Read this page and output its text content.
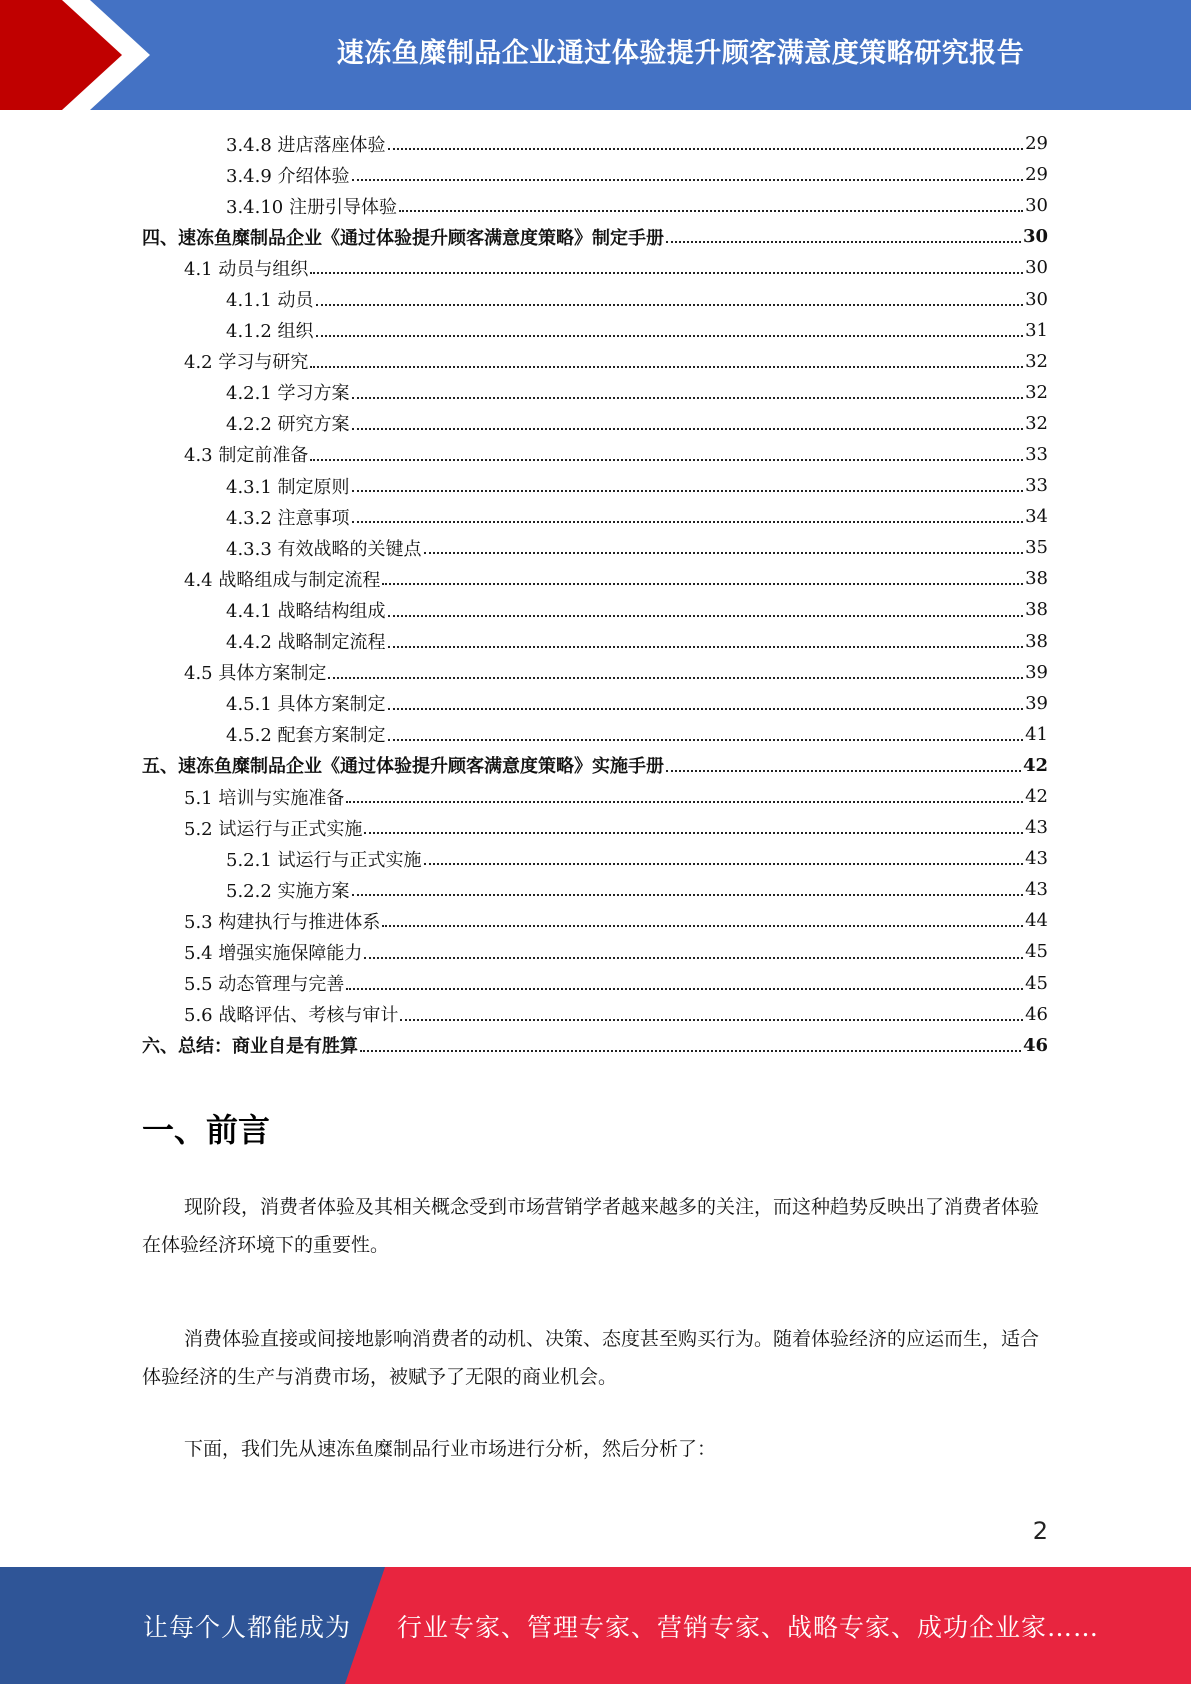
速冻鱼糜制品企业通过体验提升顾客满意度策略研究报告
3.4.8 进店落座体验	29
3.4.9 介绍体验	29
3.4.10 注册引导体验	30
四、速冻鱼糜制品企业《通过体验提升顾客满意度策略》制定手册	30
4.1 动员与组织	30
4.1.1 动员	30
4.1.2 组织	31
4.2 学习与研究	32
4.2.1 学习方案	32
4.2.2 研究方案	32
4.3 制定前准备	33
4.3.1 制定原则	33
4.3.2 注意事项	34
4.3.3 有效战略的关键点	35
4.4 战略组成与制定流程	38
4.4.1 战略结构组成	38
4.4.2 战略制定流程	38
4.5 具体方案制定	39
4.5.1 具体方案制定	39
4.5.2 配套方案制定	41
五、速冻鱼糜制品企业《通过体验提升顾客满意度策略》实施手册	42
5.1 培训与实施准备	42
5.2 试运行与正式实施	43
5.2.1 试运行与正式实施	43
5.2.2 实施方案	43
5.3 构建执行与推进体系	44
5.4 增强实施保障能力	45
5.5 动态管理与完善	45
5.6 战略评估、考核与审计	46
六、总结：商业自是有胜算	46
一、前言

现阶段，消费者体验及其相关概念受到市场营销学者越来越多的关注，而这种趋势反映出了消费者体验在体验经济环境下的重要性。

消费体验直接或间接地影响消费者的动机、决策、态度甚至购买行为。随着体验经济的应运而生，适合体验经济的生产与消费市场，被赋予了无限的商业机会。

下面，我们先从速冻鱼糜制品行业市场进行分析，然后分析了：

2
让每个人都能成为 行业专家、管理专家、营销专家、战略专家、成功企业家……
